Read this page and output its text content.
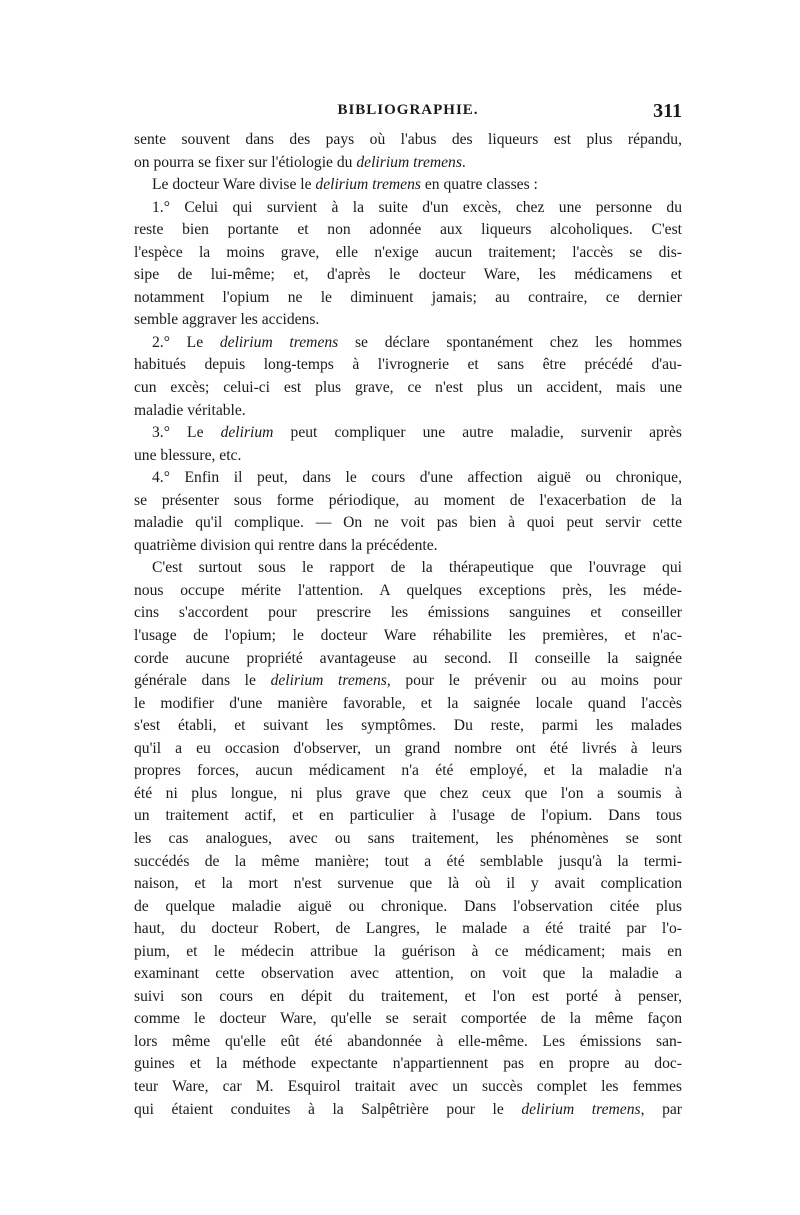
BIBLIOGRAPHIE.	311
sente souvent dans des pays où l'abus des liqueurs est plus répandu,
on pourra se fixer sur l'étiologie du delirium tremens.
Le docteur Ware divise le delirium tremens en quatre classes :
1.° Celui qui survient à la suite d'un excès, chez une personne du
reste bien portante et non adonnée aux liqueurs alcoholiques. C'est
l'espèce la moins grave, elle n'exige aucun traitement; l'accès se dis-
sipe de lui-même; et, d'après le docteur Ware, les médicamens et
notamment l'opium ne le diminuent jamais; au contraire, ce dernier
semble aggraver les accidens.
2.° Le delirium tremens se déclare spontanément chez les hommes
habitués depuis long-temps à l'ivrognerie et sans être précédé d'au-
cun excès; celui-ci est plus grave, ce n'est plus un accident, mais une
maladie véritable.
3.° Le delirium peut compliquer une autre maladie, survenir après
une blessure, etc.
4.° Enfin il peut, dans le cours d'une affection aiguë ou chronique,
se présenter sous forme périodique, au moment de l'exacerbation de la
maladie qu'il complique. — On ne voit pas bien à quoi peut servir cette
quatrième division qui rentre dans la précédente.
C'est surtout sous le rapport de la thérapeutique que l'ouvrage qui
nous occupe mérite l'attention. A quelques exceptions près, les méde-
cins s'accordent pour prescrire les émissions sanguines et conseiller
l'usage de l'opium; le docteur Ware réhabilite les premières, et n'ac-
corde aucune propriété avantageuse au second. Il conseille la saignée
générale dans le delirium tremens, pour le prévenir ou au moins pour
le modifier d'une manière favorable, et la saignée locale quand l'accès
s'est établi, et suivant les symptômes. Du reste, parmi les malades
qu'il a eu occasion d'observer, un grand nombre ont été livrés à leurs
propres forces, aucun médicament n'a été employé, et la maladie n'a
été ni plus longue, ni plus grave que chez ceux que l'on a soumis à
un traitement actif, et en particulier à l'usage de l'opium. Dans tous
les cas analogues, avec ou sans traitement, les phénomènes se sont
succédés de la même manière; tout a été semblable jusqu'à la termi-
naison, et la mort n'est survenue que là où il y avait complication
de quelque maladie aiguë ou chronique. Dans l'observation citée plus
haut, du docteur Robert, de Langres, le malade a été traité par l'o-
pium, et le médecin attribue la guérison à ce médicament; mais en
examinant cette observation avec attention, on voit que la maladie a
suivi son cours en dépit du traitement, et l'on est porté à penser,
comme le docteur Ware, qu'elle se serait comportée de la même façon
lors même qu'elle eût été abandonnée à elle-même. Les émissions san-
guines et la méthode expectante n'appartiennent pas en propre au doc-
teur Ware, car M. Esquirol traitait avec un succès complet les femmes
qui étaient conduites à la Salpêtrière pour le delirium tremens, par
